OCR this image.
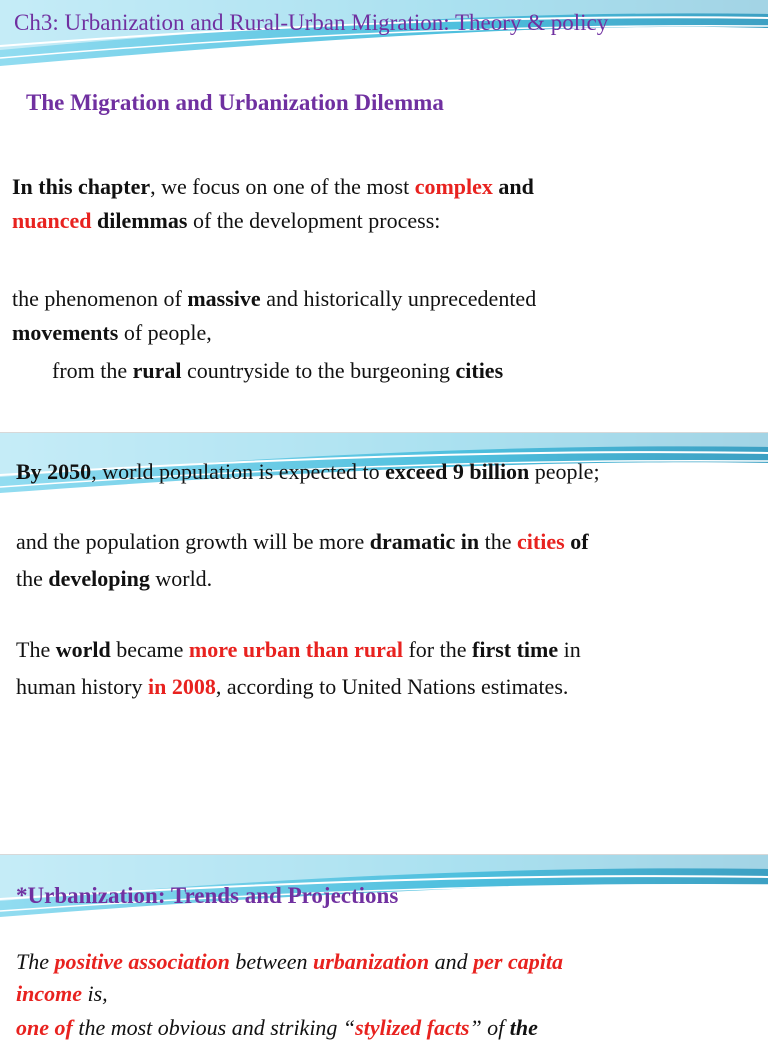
Ch3: Urbanization and Rural-Urban Migration: Theory & policy

The Migration and Urbanization Dilemma

In this chapter, we focus on one of the most complex and
nuanced dilemmas of the development process:
the phenomenon of massive and historically unprecedented
movements of people,
from the rural countryside to the burgeoning cities
By 2050, world population is expected to exceed 9 billion people;
and the population growth will be more dramatic in the cities of
the developing world.
The world became more urban than rural for the first time in
human history in 2008, according to United Nations estimates.

*Urbanization: Trends and Projections

The positive association between urbanization and per capita
income is,
one of the most obvious and striking “stylized facts” of the
